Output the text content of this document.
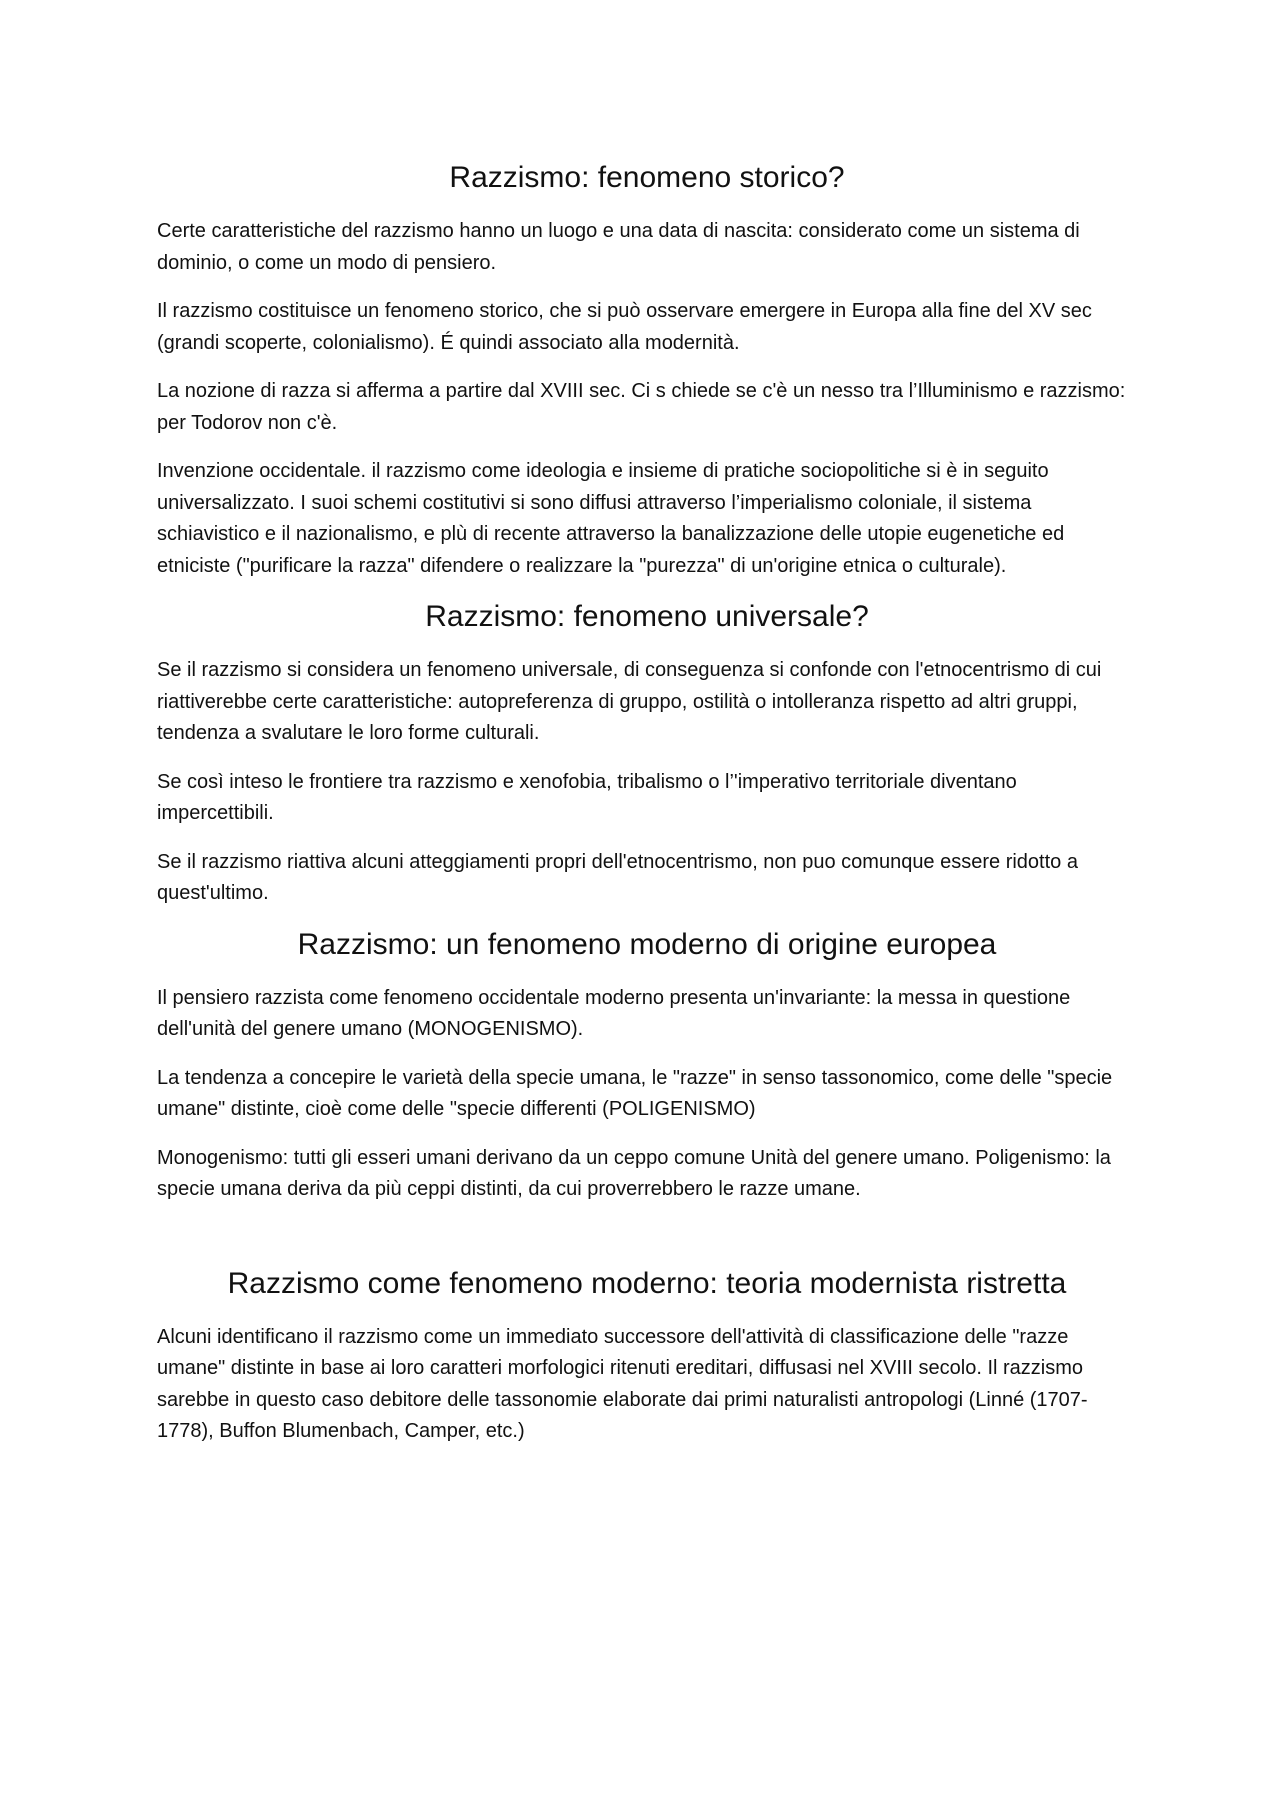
Razzismo: fenomeno storico?

Certe caratteristiche del razzismo hanno un luogo e una data di nascita: considerato come un sistema di dominio, o come un modo di pensiero.

Il razzismo costituisce un fenomeno storico, che si può osservare emergere in Europa alla fine del XV sec (grandi scoperte, colonialismo). É quindi associato alla modernità.

La nozione di razza si afferma a partire dal XVIII sec. Ci s chiede se c'è un nesso tra l’Illuminismo e razzismo: per Todorov non c'è.

Invenzione occidentale. il razzismo come ideologia e insieme di pratiche sociopolitiche si è in seguito universalizzato. I suoi schemi costitutivi si sono diffusi attraverso l’imperialismo coloniale, il sistema schiavistico e il nazionalismo, e plù di recente attraverso la banalizzazione delle utopie eugenetiche ed etniciste ("purificare la razza" difendere o realizzare la "purezza" di un'origine etnica o culturale).

Razzismo: fenomeno universale?

Se il razzismo si considera un fenomeno universale, di conseguenza si confonde con l'etnocentrismo di cui riattiverebbe certe caratteristiche: autopreferenza di gruppo, ostilità o intolleranza rispetto ad altri gruppi, tendenza a svalutare le loro forme culturali.

Se così inteso le frontiere tra razzismo e xenofobia, tribalismo o l’'imperativo territoriale diventano impercettibili.

Se il razzismo riattiva alcuni atteggiamenti propri dell'etnocentrismo, non puo comunque essere ridotto a quest'ultimo.

Razzismo: un fenomeno moderno di origine europea

Il pensiero razzista come fenomeno occidentale moderno presenta un'invariante: la messa in questione dell'unità del genere umano (MONOGENISMO).

La tendenza a concepire le varietà della specie umana, le "razze" in senso tassonomico, come delle "specie umane" distinte, cioè come delle "specie differenti (POLIGENISMO)

Monogenismo: tutti gli esseri umani derivano da un ceppo comune Unità del genere umano. Poligenismo: la specie umana deriva da più ceppi distinti, da cui proverrebbero le razze umane.

Razzismo come fenomeno moderno: teoria modernista ristretta

Alcuni identificano il razzismo come un immediato successore dell'attività di classificazione delle "razze umane" distinte in base ai loro caratteri morfologici ritenuti ereditari, diffusasi nel XVIII secolo. Il razzismo sarebbe in questo caso debitore delle tassonomie elaborate dai primi naturalisti antropologi (Linné (1707-1778), Buffon Blumenbach, Camper, etc.)
